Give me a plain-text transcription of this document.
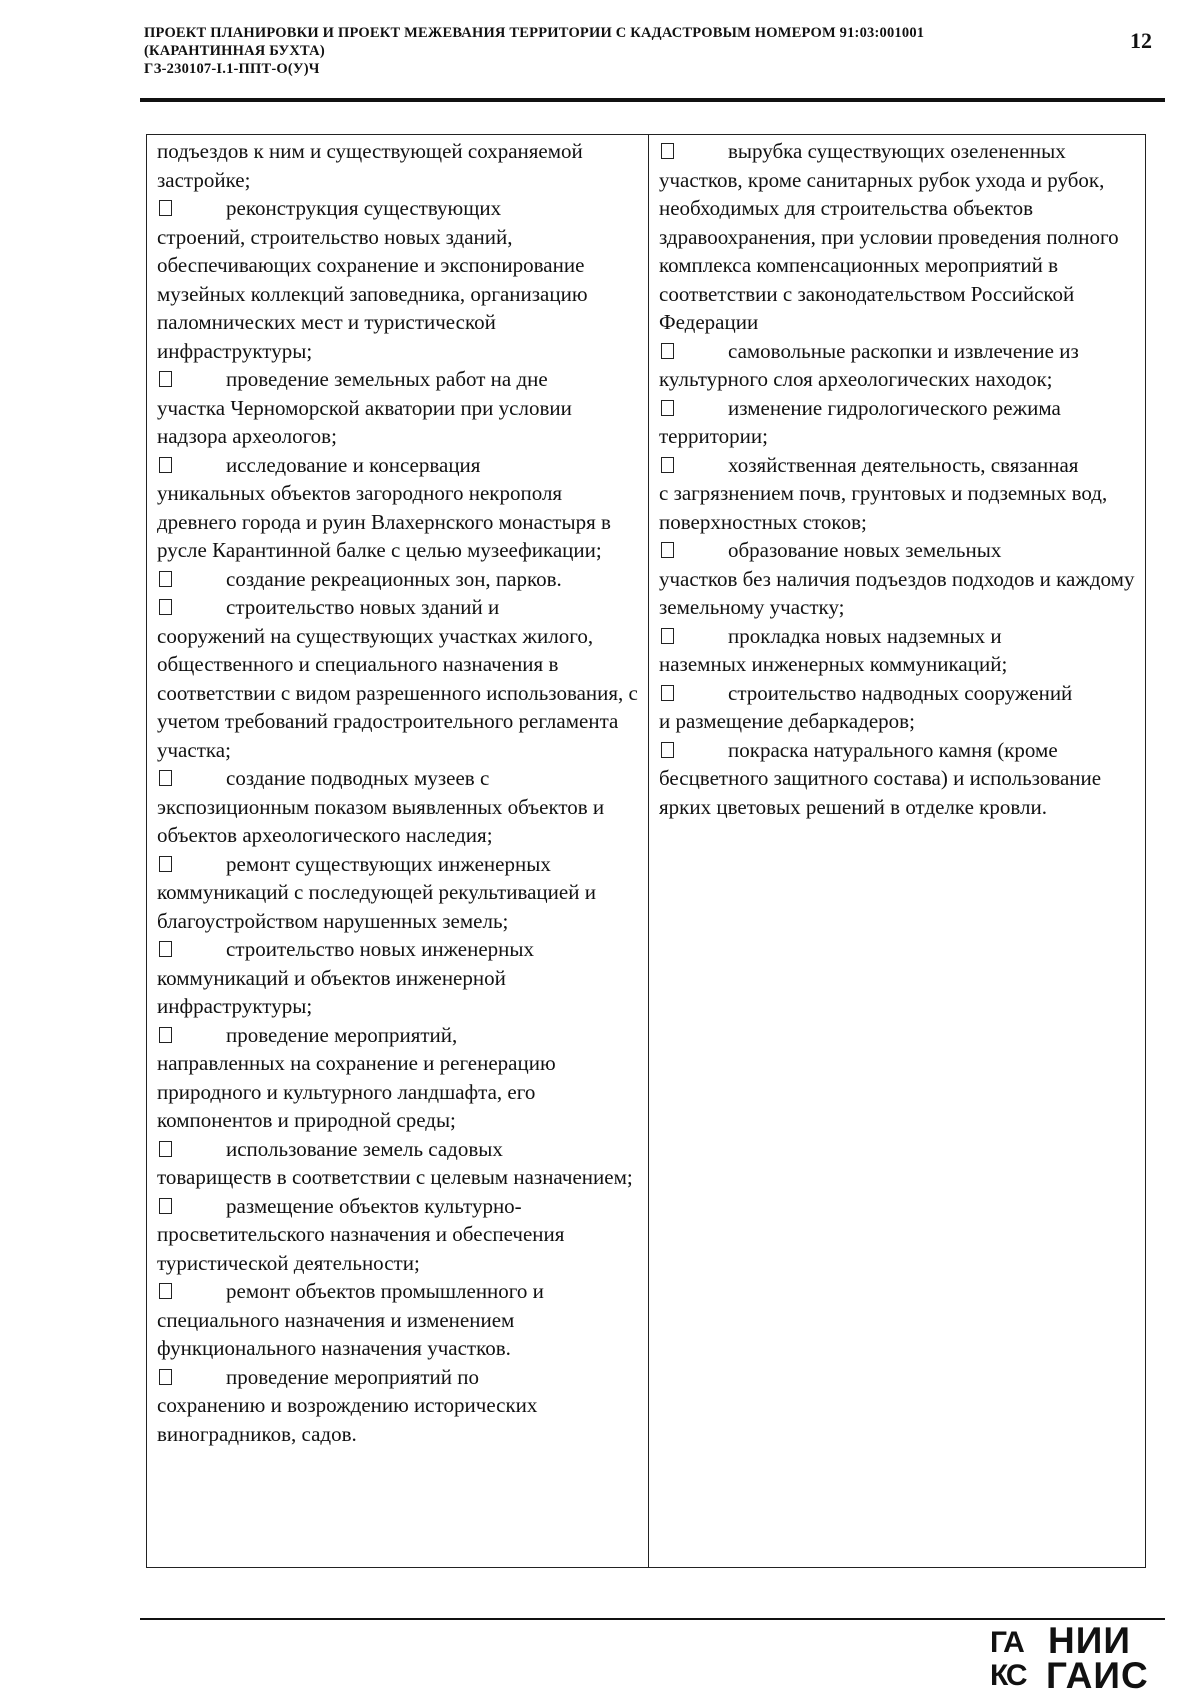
ПРОЕКТ ПЛАНИРОВКИ И ПРОЕКТ МЕЖЕВАНИЯ ТЕРРИТОРИИ С КАДАСТРОВЫМ НОМЕРОМ 91:03:001001
(КАРАНТИННАЯ БУХТА)
ГЗ-230107-I.1-ППТ-О(У)Ч
12

подъездов к ним и существующей сохраняемой застройке;

реконструкция существующих
строений, строительство новых зданий, обеспечивающих сохранение и экспонирование музейных коллекций заповедника, организацию паломнических мест и туристической инфраструктуры;

проведение земельных работ на дне
участка Черноморской акватории при условии надзора археологов;

исследование и консервация
уникальных объектов загородного некрополя древнего города и руин Влахернского монастыря в русле Карантинной балке с целью музеефикации;

создание рекреационных зон, парков.

строительство новых зданий и
сооружений на существующих участках жилого, общественного и специального назначения в соответствии с видом разрешенного использования, с учетом требований градостроительного регламента участка;

создание подводных музеев с
экспозиционным показом выявленных объектов и объектов археологического наследия;

ремонт существующих инженерных
коммуникаций с последующей рекультивацией и благоустройством нарушенных земель;

строительство новых инженерных
коммуникаций и объектов инженерной инфраструктуры;

проведение мероприятий,
направленных на сохранение и регенерацию природного и культурного ландшафта, его компонентов и природной среды;

использование земель садовых
товариществ в соответствии с целевым назначением;

размещение объектов культурно-
просветительского назначения и обеспечения туристической деятельности;

ремонт объектов промышленного и
специального назначения и изменением функционального назначения участков.

проведение мероприятий по
сохранению и возрождению исторических виноградников, садов.

вырубка существующих озелененных
участков, кроме санитарных рубок ухода и рубок, необходимых для строительства объектов здравоохранения, при условии проведения полного комплекса компенсационных мероприятий в соответствии с законодательством Российской Федерации

самовольные раскопки и извлечение из
культурного слоя археологических находок;

изменение гидрологического режима
территории;

хозяйственная деятельность, связанная
с загрязнением почв, грунтовых и подземных вод, поверхностных стоков;

образование новых земельных
участков без наличия подъездов подходов и каждому земельному участку;

прокладка новых надземных и
наземных инженерных коммуникаций;

строительство надводных сооружений
и размещение дебаркадеров;

покраска натурального камня (кроме
бесцветного защитного состава) и использование ярких цветовых решений в отделке кровли.

ГА
КС
НИИ
ГАИС
